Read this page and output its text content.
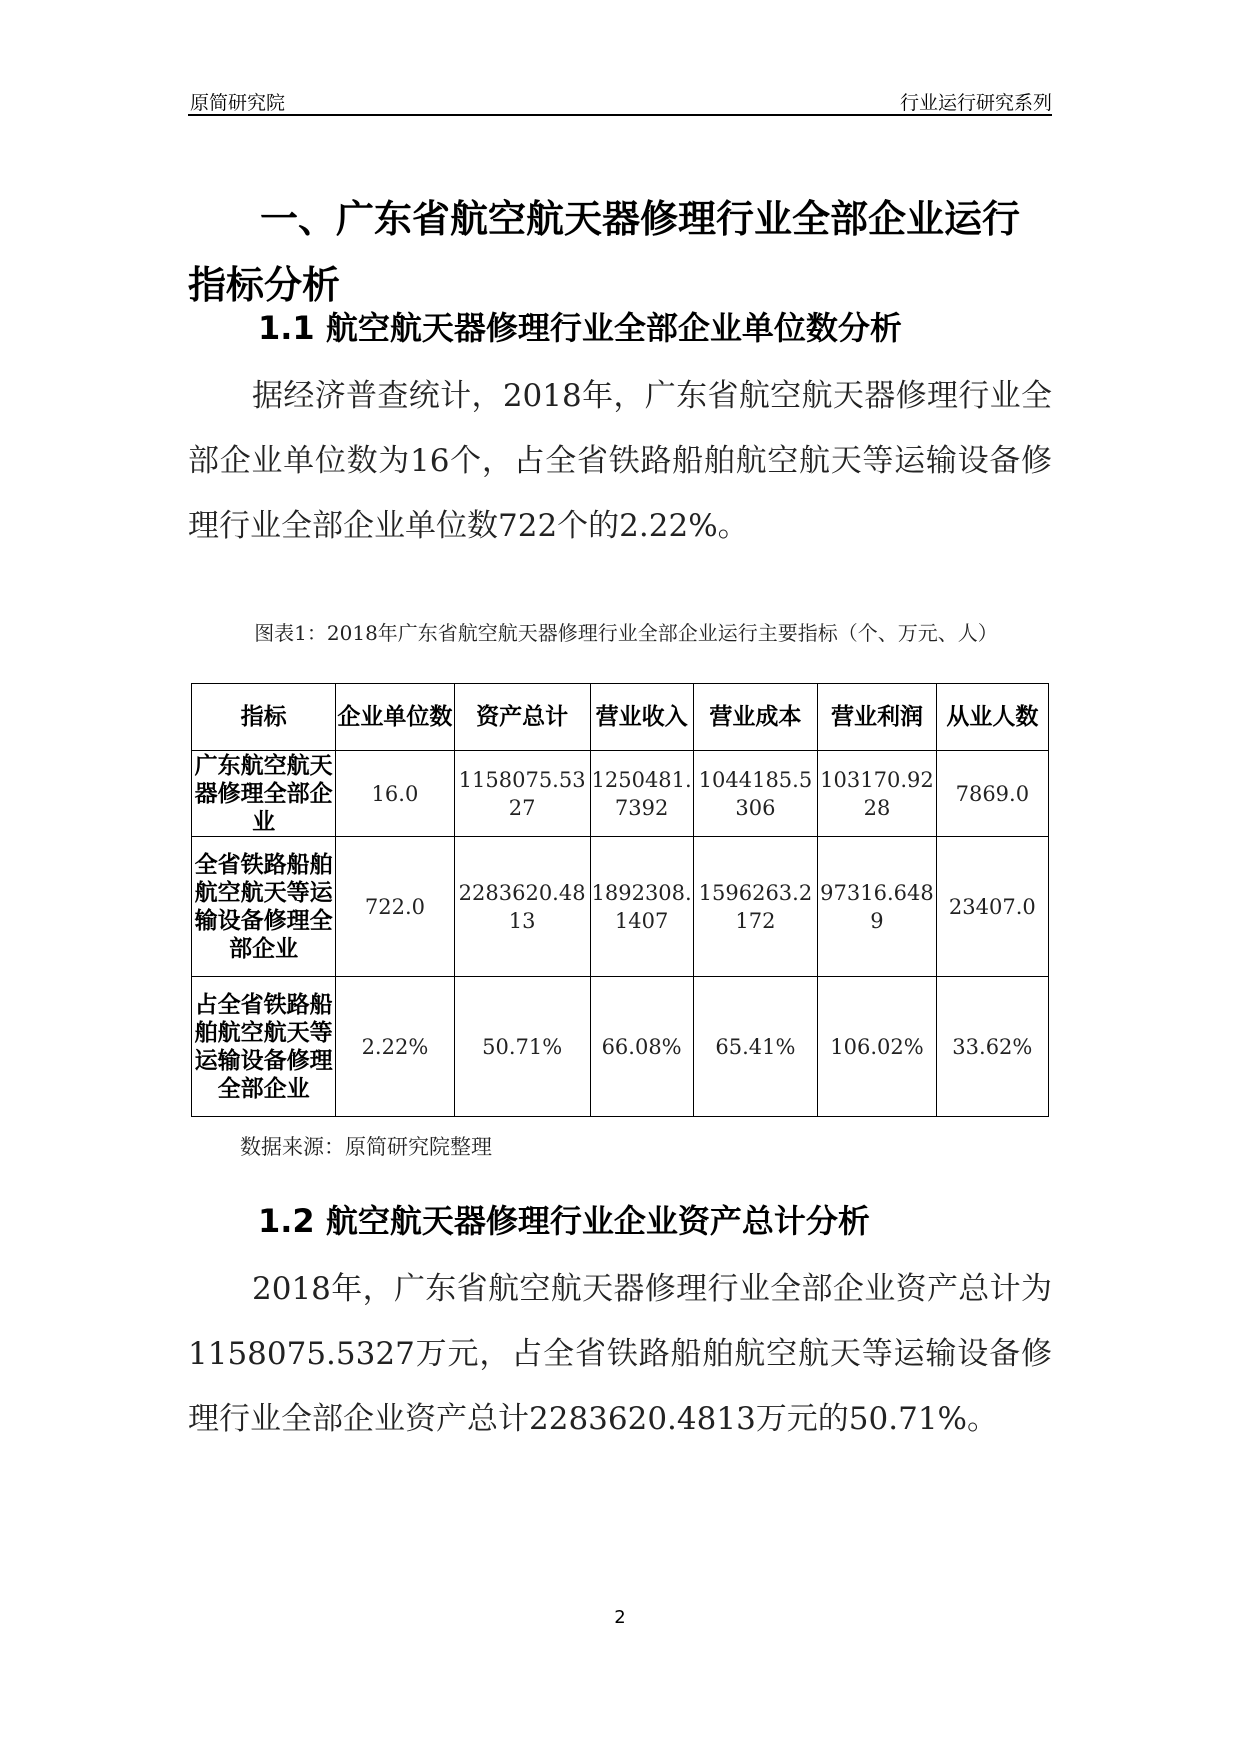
原简研究院	行业运行研究系列
一、广东省航空航天器修理行业全部企业运行指标分析
1.1 航空航天器修理行业全部企业单位数分析
据经济普查统计，2018年，广东省航空航天器修理行业全部企业单位数为16个，占全省铁路船舶航空航天等运输设备修理行业全部企业单位数722个的2.22%。
图表1：2018年广东省航空航天器修理行业全部企业运行主要指标（个、万元、人）
指标	企业单位数	资产总计	营业收入	营业成本	营业利润	从业人数
广东航空航天器修理全部企业	16.0	1158075.5327	1250481.7392	1044185.5306	103170.9228	7869.0
全省铁路船舶航空航天等运输设备修理全部企业	722.0	2283620.4813	1892308.1407	1596263.2172	97316.6489	23407.0
占全省铁路船舶航空航天等运输设备修理全部企业	2.22%	50.71%	66.08%	65.41%	106.02%	33.62%
数据来源：原简研究院整理
1.2 航空航天器修理行业企业资产总计分析
2018年，广东省航空航天器修理行业全部企业资产总计为1158075.5327万元，占全省铁路船舶航空航天等运输设备修理行业全部企业资产总计2283620.4813万元的50.71%。
2
